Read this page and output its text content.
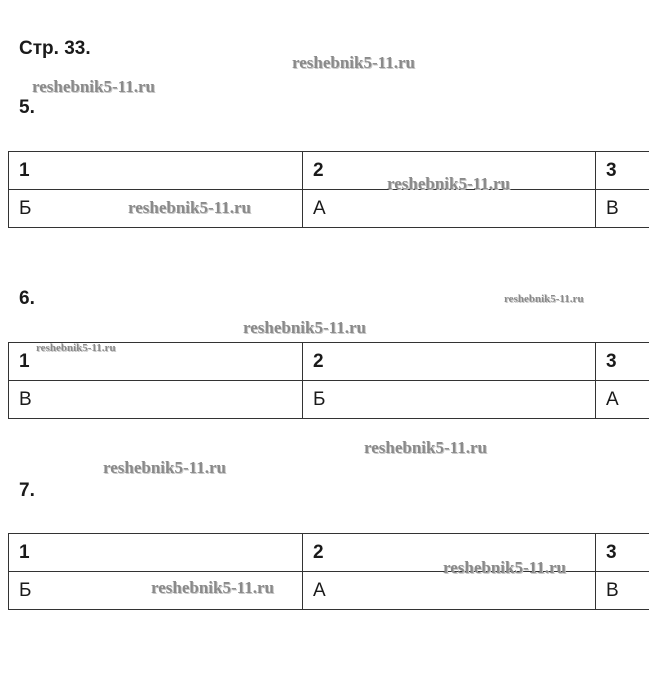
Стр. 33.
5.
1	2	3
Б	А	В
6.
1	2	3
В	Б	А
7.
1	2	3
Б	А	В
reshebnik5-11.ru
reshebnik5-11.ru
reshebnik5-11.ru
reshebnik5-11.ru
reshebnik5-11.ru
reshebnik5-11.ru
reshebnik5-11.ru
reshebnik5-11.ru
reshebnik5-11.ru
reshebnik5-11.ru
reshebnik5-11.ru
